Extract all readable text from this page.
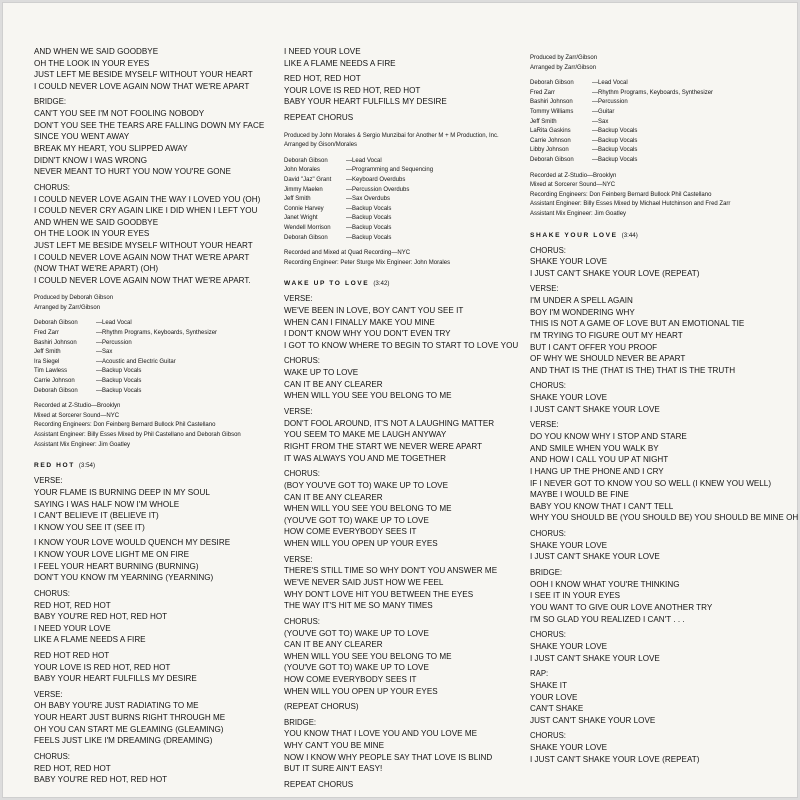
AND WHEN WE SAID GOODBYE
OH THE LOOK IN YOUR EYES
JUST LEFT ME BESIDE MYSELF WITHOUT YOUR HEART
I COULD NEVER LOVE AGAIN NOW THAT WE'RE APART
BRIDGE:
CAN'T YOU SEE I'M NOT FOOLING NOBODY
DON'T YOU SEE THE TEARS ARE FALLING DOWN MY FACE
SINCE YOU WENT AWAY
BREAK MY HEART, YOU SLIPPED AWAY
DIDN'T KNOW I WAS WRONG
NEVER MEANT TO HURT YOU NOW YOU'RE GONE
CHORUS:
I COULD NEVER LOVE AGAIN THE WAY I LOVED YOU (OH)
I COULD NEVER CRY AGAIN LIKE I DID WHEN I LEFT YOU
AND WHEN WE SAID GOODBYE
OH THE LOOK IN YOUR EYES
JUST LEFT ME BESIDE MYSELF WITHOUT YOUR HEART
I COULD NEVER LOVE AGAIN NOW THAT WE'RE APART
(NOW THAT WE'RE APART) (OH)
I COULD NEVER LOVE AGAIN NOW THAT WE'RE APART.
Produced by Deborah Gibson
Arranged by Zarr/Gibson
Deborah Gibson	—Lead Vocal
Fred Zarr	—Rhythm Programs, Keyboards, Synthesizer
Bashiri Johnson	—Percussion
Jeff Smith	—Sax
Ira Siegel	—Acoustic and Electric Guitar
Tim Lawless	—Backup Vocals
Carrie Johnson	—Backup Vocals
Deborah Gibson	—Backup Vocals
Recorded at Z-Studio—Brooklyn
Mixed at Sorcerer Sound—NYC
Recording Engineers: Don Feinberg Bernard Bullock Phil Castellano
Assistant Engineer: Billy Esses Mixed by Phil Castellano and Deborah Gibson
Assistant Mix Engineer: Jim Goatley
RED HOT (3:54)
VERSE:
YOUR FLAME IS BURNING DEEP IN MY SOUL
SAYING I WAS HALF NOW I'M WHOLE
I CAN'T BELIEVE IT (BELIEVE IT)
I KNOW YOU SEE IT (SEE IT)
I KNOW YOUR LOVE WOULD QUENCH MY DESIRE
I KNOW YOUR LOVE LIGHT ME ON FIRE
I FEEL YOUR HEART BURNING (BURNING)
DON'T YOU KNOW I'M YEARNING (YEARNING)
CHORUS:
RED HOT, RED HOT
BABY YOU'RE RED HOT, RED HOT
I NEED YOUR LOVE
LIKE A FLAME NEEDS A FIRE
RED HOT RED HOT
YOUR LOVE IS RED HOT, RED HOT
BABY YOUR HEART FULFILLS MY DESIRE
VERSE:
OH BABY YOU'RE JUST RADIATING TO ME
YOUR HEART JUST BURNS RIGHT THROUGH ME
OH YOU CAN START ME GLEAMING (GLEAMING)
FEELS JUST LIKE I'M DREAMING (DREAMING)
CHORUS:
RED HOT, RED HOT
BABY YOU'RE RED HOT, RED HOT
I NEED YOUR LOVE
LIKE A FLAME NEEDS A FIRE
RED HOT, RED HOT
YOUR LOVE IS RED HOT, RED HOT
BABY YOUR HEART FULFILLS MY DESIRE
REPEAT CHORUS
Produced by John Morales & Sergio Munzibai for Another M + M Production, Inc.
Arranged by Gison/Morales
Deborah Gibson	—Lead Vocal
John Morales	—Programming and Sequencing
David "Jaz" Grant	—Keyboard Overdubs
Jimmy Maelen	—Percussion Overdubs
Jeff Smith	—Sax Overdubs
Connie Harvey	—Backup Vocals
Janet Wright	—Backup Vocals
Wendell Morrison	—Backup Vocals
Deborah Gibson	—Backup Vocals
Recorded and Mixed at Quad Recording—NYC
Recording Engineer: Peter Sturge Mix Engineer: John Morales
WAKE UP TO LOVE (3:42)
VERSE:
WE'VE BEEN IN LOVE, BOY CAN'T YOU SEE IT
WHEN CAN I FINALLY MAKE YOU MINE
I DON'T KNOW WHY YOU DON'T EVEN TRY
I GOT TO KNOW WHERE TO BEGIN TO START TO LOVE YOU
CHORUS:
WAKE UP TO LOVE
CAN IT BE ANY CLEARER
WHEN WILL YOU SEE YOU BELONG TO ME
VERSE:
DON'T FOOL AROUND, IT'S NOT A LAUGHING MATTER
YOU SEEM TO MAKE ME LAUGH ANYWAY
RIGHT FROM THE START WE NEVER WERE APART
IT WAS ALWAYS YOU AND ME TOGETHER
CHORUS:
(BOY YOU'VE GOT TO) WAKE UP TO LOVE
CAN IT BE ANY CLEARER
WHEN WILL YOU SEE YOU BELONG TO ME
(YOU'VE GOT TO) WAKE UP TO LOVE
HOW COME EVERYBODY SEES IT
WHEN WILL YOU OPEN UP YOUR EYES
VERSE:
THERE'S STILL TIME SO WHY DON'T YOU ANSWER ME
WE'VE NEVER SAID JUST HOW WE FEEL
WHY DON'T LOVE HIT YOU BETWEEN THE EYES
THE WAY IT'S HIT ME SO MANY TIMES
CHORUS:
(YOU'VE GOT TO) WAKE UP TO LOVE
CAN IT BE ANY CLEARER
WHEN WILL YOU SEE YOU BELONG TO ME
(YOU'VE GOT TO) WAKE UP TO LOVE
HOW COME EVERYBODY SEES IT
WHEN WILL YOU OPEN UP YOUR EYES
(REPEAT CHORUS)
BRIDGE:
YOU KNOW THAT I LOVE YOU AND YOU LOVE ME
WHY CAN'T YOU BE MINE
NOW I KNOW WHY PEOPLE SAY THAT LOVE IS BLIND
BUT IT SURE AIN'T EASY!
REPEAT CHORUS
Produced by Zarr/Gibson
Arranged by Zarr/Gibson
Deborah Gibson	—Lead Vocal
Fred Zarr	—Rhythm Programs, Keyboards, Synthesizer
Bashiri Johnson	—Percussion
Tommy Williams	—Guitar
Jeff Smith	—Sax
LaRita Gaskins	—Backup Vocals
Carrie Johnson	—Backup Vocals
Libby Johnson	—Backup Vocals
Deborah Gibson	—Backup Vocals
Recorded at Z-Studio—Brooklyn
Mixed at Sorcerer Sound—NYC
Recording Engineers: Don Feinberg Bernard Bullock Phil Castellano
Assistant Engineer: Billy Esses Mixed by Michael Hutchinson and Fred Zarr
Assistant Mix Engineer: Jim Goatley
SHAKE YOUR LOVE (3:44)
CHORUS:
SHAKE YOUR LOVE
I JUST CAN'T SHAKE YOUR LOVE (REPEAT)
VERSE:
I'M UNDER A SPELL AGAIN
BOY I'M WONDERING WHY
THIS IS NOT A GAME OF LOVE BUT AN EMOTIONAL TIE
I'M TRYING TO FIGURE OUT MY HEART
BUT I CAN'T OFFER YOU PROOF
OF WHY WE SHOULD NEVER BE APART
AND THAT IS THE (THAT IS THE) THAT IS THE TRUTH
CHORUS:
SHAKE YOUR LOVE
I JUST CAN'T SHAKE YOUR LOVE
VERSE:
DO YOU KNOW WHY I STOP AND STARE
AND SMILE WHEN YOU WALK BY
AND HOW I CALL YOU UP AT NIGHT
I HANG UP THE PHONE AND I CRY
IF I NEVER GOT TO KNOW YOU SO WELL (I KNEW YOU WELL)
MAYBE I WOULD BE FINE
BABY YOU KNOW THAT I CAN'T TELL
WHY YOU SHOULD BE (YOU SHOULD BE) YOU SHOULD BE MINE OH
CHORUS:
SHAKE YOUR LOVE
I JUST CAN'T SHAKE YOUR LOVE
BRIDGE:
OOH I KNOW WHAT YOU'RE THINKING
I SEE IT IN YOUR EYES
YOU WANT TO GIVE OUR LOVE ANOTHER TRY
I'M SO GLAD YOU REALIZED I CAN'T . . .
CHORUS:
SHAKE YOUR LOVE
I JUST CAN'T SHAKE YOUR LOVE
RAP:
SHAKE IT
YOUR LOVE
CAN'T SHAKE
JUST CAN'T SHAKE YOUR LOVE
CHORUS:
SHAKE YOUR LOVE
I JUST CAN'T SHAKE YOUR LOVE (REPEAT)
